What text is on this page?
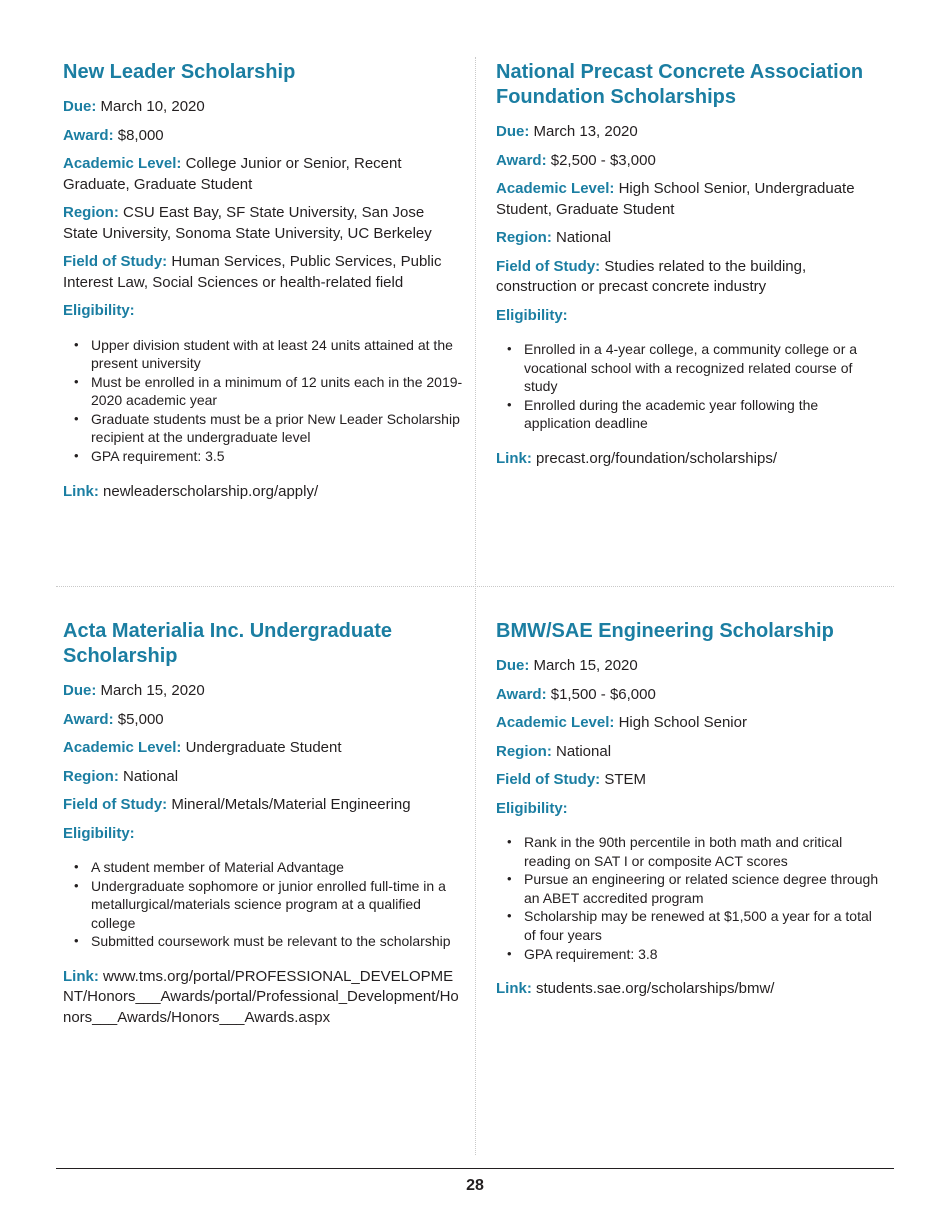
New Leader Scholarship

Due: March 10, 2020

Award: $8,000

Academic Level: College Junior or Senior, Recent Graduate, Graduate Student

Region: CSU East Bay, SF State University, San Jose State University, Sonoma State University, UC Berkeley

Field of Study: Human Services, Public Services, Public Interest Law, Social Sciences or health-related field

Eligibility:

• Upper division student with at least 24 units attained at the present university
• Must be enrolled in a minimum of 12 units each in the 2019-2020 academic year
• Graduate students must be a prior New Leader Scholarship recipient at the undergraduate level
• GPA requirement: 3.5

Link: newleaderscholarship.org/apply/

National Precast Concrete Association Foundation Scholarships

Due: March 13, 2020

Award: $2,500 - $3,000

Academic Level: High School Senior, Undergraduate Student, Graduate Student

Region: National

Field of Study: Studies related to the building, construction or precast concrete industry

Eligibility:

• Enrolled in a 4-year college, a community college or a vocational school with a recognized related course of study
• Enrolled during the academic year following the application deadline

Link: precast.org/foundation/scholarships/

Acta Materialia Inc. Undergraduate Scholarship

Due: March 15, 2020

Award: $5,000

Academic Level: Undergraduate Student

Region: National

Field of Study: Mineral/Metals/Material Engineering

Eligibility:

• A student member of Material Advantage
• Undergraduate sophomore or junior enrolled full-time in a metallurgical/materials science program at a qualified college
• Submitted coursework must be relevant to the scholarship

Link: www.tms.org/portal/PROFESSIONAL_DEVELOPMENT/Honors___Awards/portal/Professional_Development/Honors___Awards/Honors___Awards.aspx

BMW/SAE Engineering Scholarship

Due: March 15, 2020

Award: $1,500 - $6,000

Academic Level: High School Senior

Region: National

Field of Study: STEM

Eligibility:

• Rank in the 90th percentile in both math and critical reading on SAT I or composite ACT scores
• Pursue an engineering or related science degree through an ABET accredited program
• Scholarship may be renewed at $1,500 a year for a total of four years
• GPA requirement: 3.8

Link: students.sae.org/scholarships/bmw/

28
